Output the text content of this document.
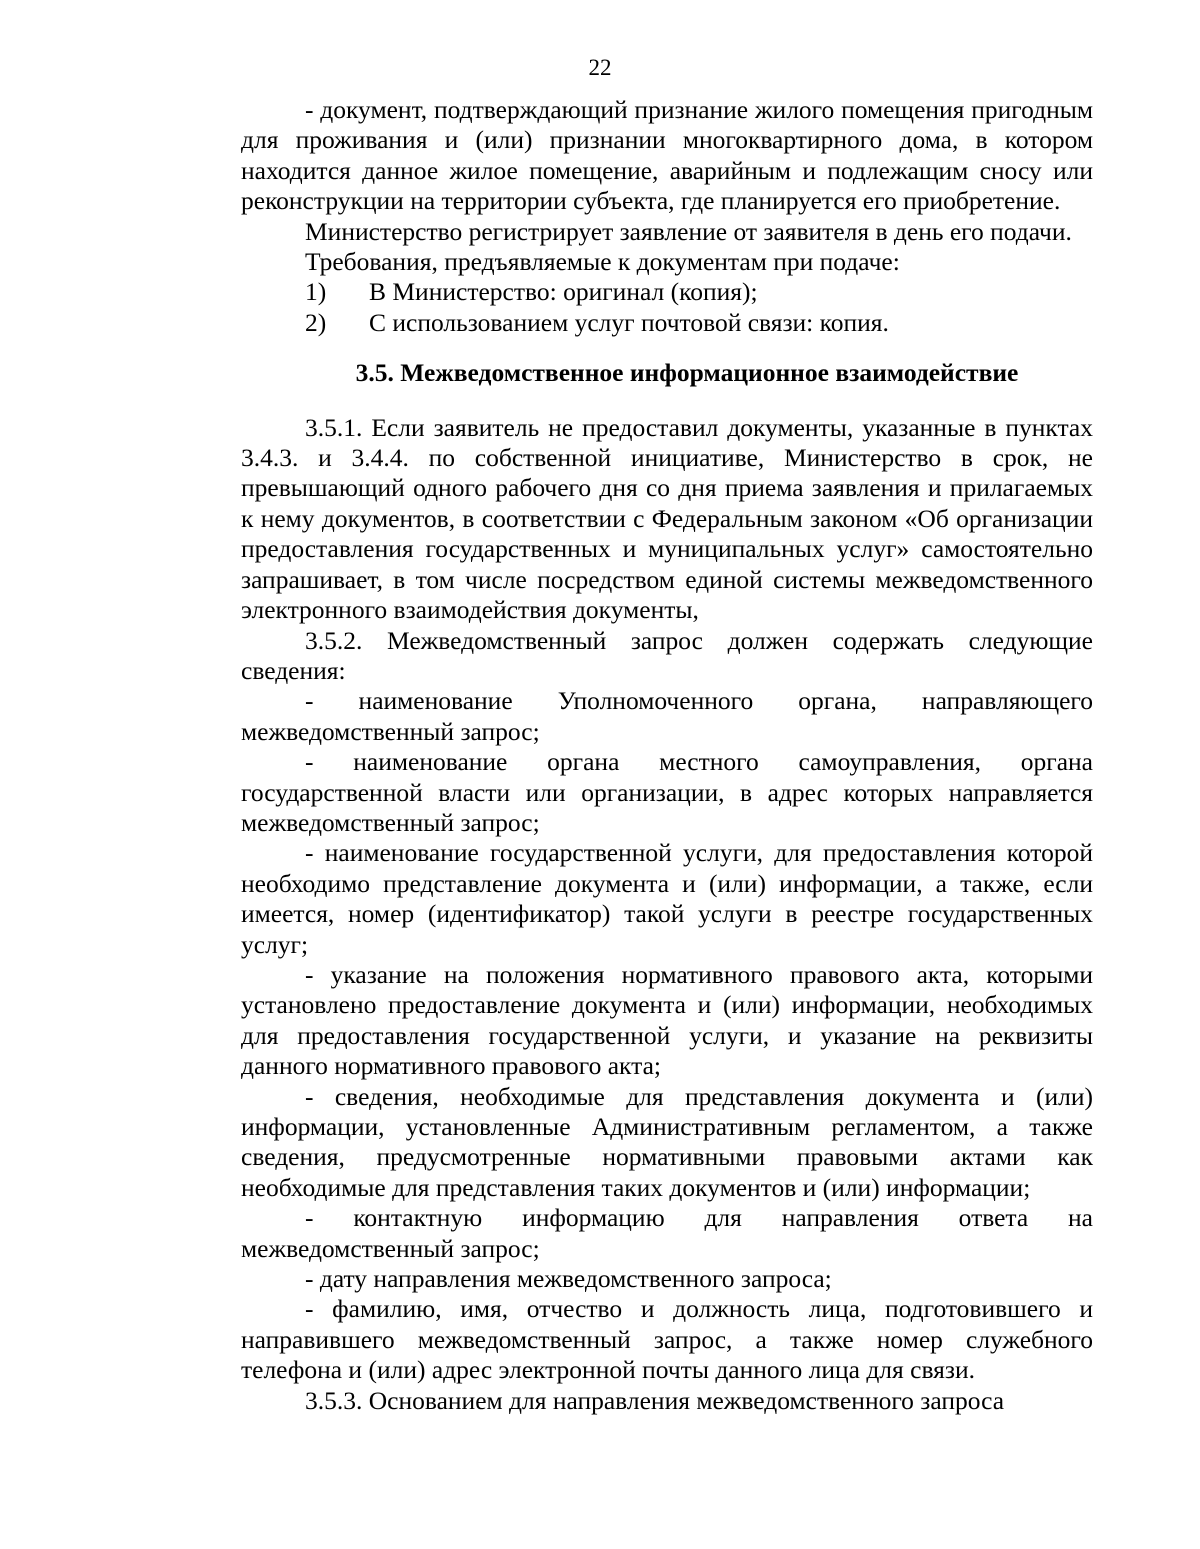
22

- документ, подтверждающий признание жилого помещения пригодным для проживания и (или) признании многоквартирного дома, в котором находится данное жилое помещение, аварийным и подлежащим сносу или реконструкции на территории субъекта, где планируется его приобретение.

Министерство регистрирует заявление от заявителя в день его подачи.

Требования, предъявляемые к документам при подаче:

1) В Министерство: оригинал (копия);

2) С использованием услуг почтовой связи: копия.

3.5. Межведомственное информационное взаимодействие

3.5.1. Если заявитель не предоставил документы, указанные в пунктах 3.4.3. и 3.4.4. по собственной инициативе, Министерство в срок, не превышающий одного рабочего дня со дня приема заявления и прилагаемых к нему документов, в соответствии с Федеральным законом «Об организации предоставления государственных и муниципальных услуг» самостоятельно запрашивает, в том числе посредством единой системы межведомственного электронного взаимодействия документы,

3.5.2. Межведомственный запрос должен содержать следующие сведения:

- наименование Уполномоченного органа, направляющего межведомственный запрос;

- наименование органа местного самоуправления, органа государственной власти или организации, в адрес которых направляется межведомственный запрос;

- наименование государственной услуги, для предоставления которой необходимо представление документа и (или) информации, а также, если имеется, номер (идентификатор) такой услуги в реестре государственных услуг;

- указание на положения нормативного правового акта, которыми установлено предоставление документа и (или) информации, необходимых для предоставления государственной услуги, и указание на реквизиты данного нормативного правового акта;

- сведения, необходимые для представления документа и (или) информации, установленные Административным регламентом, а также сведения, предусмотренные нормативными правовыми актами как необходимые для представления таких документов и (или) информации;

- контактную информацию для направления ответа на межведомственный запрос;

- дату направления межведомственного запроса;

- фамилию, имя, отчество и должность лица, подготовившего и направившего межведомственный запрос, а также номер служебного телефона и (или) адрес электронной почты данного лица для связи.

3.5.3. Основанием для направления межведомственного запроса
